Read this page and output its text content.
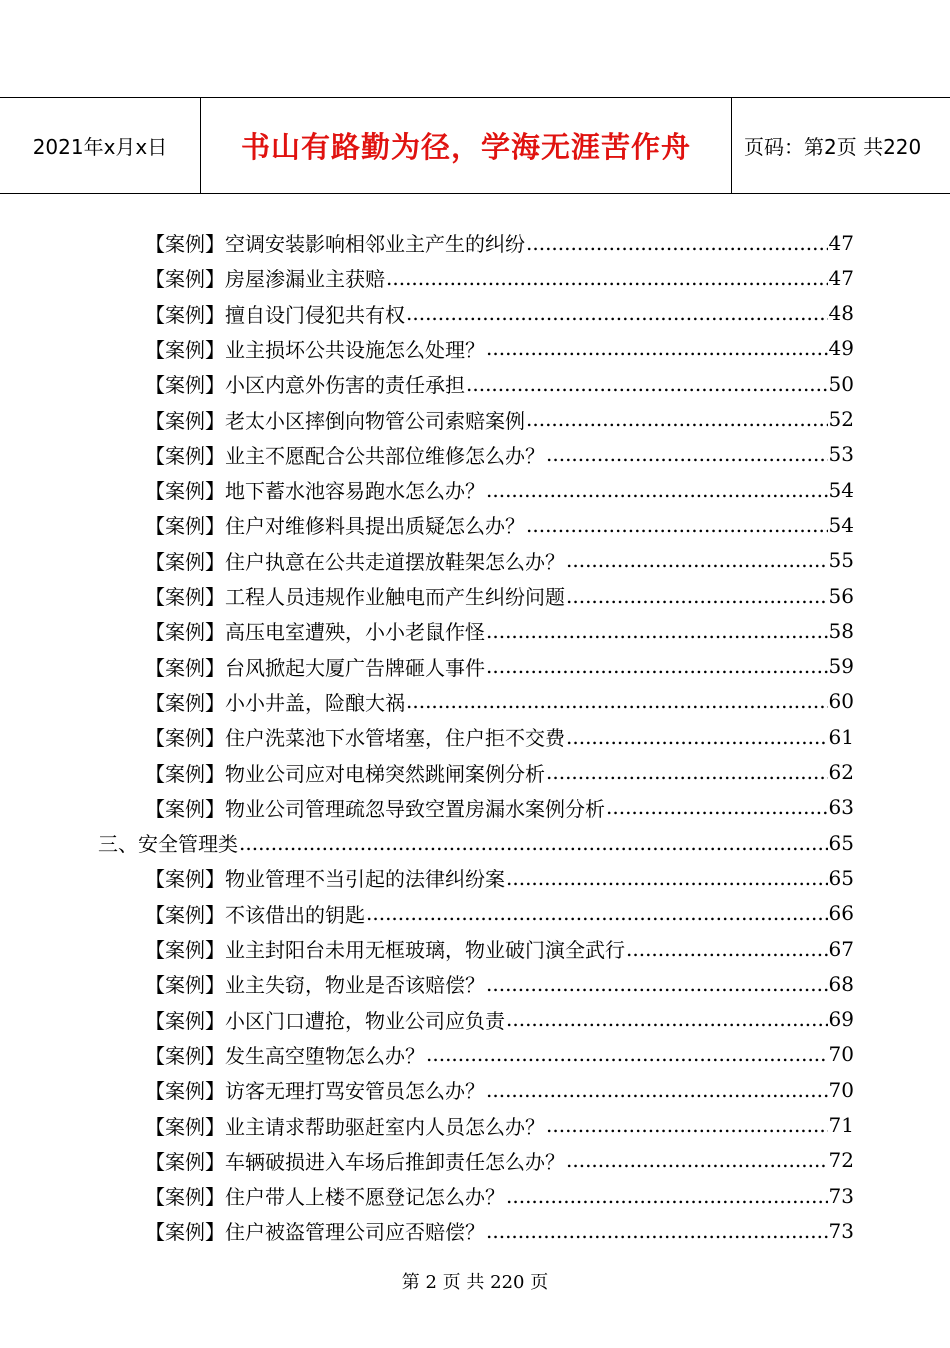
2021年x月x日	书山有路勤为径，学海无涯苦作舟	页码：第2页 共220
【案例】空调安装影响相邻业主产生的纠纷 .....	47
【案例】房屋渗漏业主获赔 .....	47
【案例】擅自设门侵犯共有权 .....	48
【案例】业主损坏公共设施怎么处理？ .....	49
【案例】小区内意外伤害的责任承担 .....	50
【案例】老太小区摔倒向物管公司索赔案例 .....	52
【案例】业主不愿配合公共部位维修怎么办？ .....	53
【案例】地下蓄水池容易跑水怎么办？ .....	54
【案例】住户对维修料具提出质疑怎么办？ .....	54
【案例】住户执意在公共走道摆放鞋架怎么办？ .....	55
【案例】工程人员违规作业触电而产生纠纷问题 .....	56
【案例】高压电室遭殃，小小老鼠作怪 .....	58
【案例】台风掀起大厦广告牌砸人事件 .....	59
【案例】小小井盖，险酿大祸 .....	60
【案例】住户洗菜池下水管堵塞，住户拒不交费 .....	61
【案例】物业公司应对电梯突然跳闸案例分析 .....	62
【案例】物业公司管理疏忽导致空置房漏水案例分析 .....	63
三、安全管理类 .....	65
【案例】物业管理不当引起的法律纠纷案 .....	65
【案例】不该借出的钥匙 .....	66
【案例】业主封阳台未用无框玻璃，物业破门演全武行 .....	67
【案例】业主失窃，物业是否该赔偿？ .....	68
【案例】小区门口遭抢，物业公司应负责 .....	69
【案例】发生高空堕物怎么办？ .....	70
【案例】访客无理打骂安管员怎么办？ .....	70
【案例】业主请求帮助驱赶室内人员怎么办？ .....	71
【案例】车辆破损进入车场后推卸责任怎么办？ .....	72
【案例】住户带人上楼不愿登记怎么办？ .....	73
【案例】住户被盗管理公司应否赔偿？ .....	73
第 2 页 共 220 页
